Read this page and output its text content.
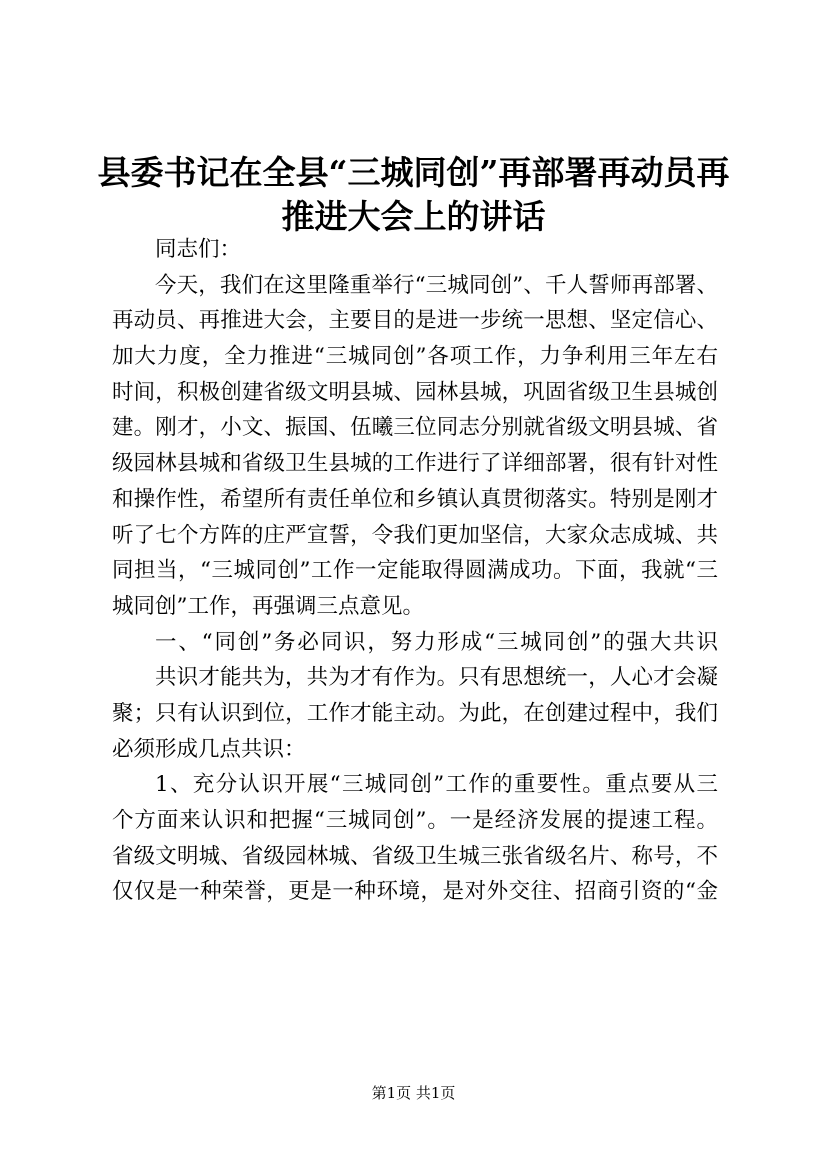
县委书记在全县“三城同创”再部署再动员再
推进大会上的讲话
同志们：
今天，我们在这里隆重举行“三城同创”、千人誓师再部署、
再动员、再推进大会，主要目的是进一步统一思想、坚定信心、
加大力度，全力推进“三城同创”各项工作，力争利用三年左右
时间，积极创建省级文明县城、园林县城，巩固省级卫生县城创
建。刚才，小文、振国、伍曦三位同志分别就省级文明县城、省
级园林县城和省级卫生县城的工作进行了详细部署，很有针对性
和操作性，希望所有责任单位和乡镇认真贯彻落实。特别是刚才
听了七个方阵的庄严宣誓，令我们更加坚信，大家众志成城、共
同担当，“三城同创”工作一定能取得圆满成功。下面，我就“三
城同创”工作，再强调三点意见。
一、“同创”务必同识，努力形成“三城同创”的强大共识
共识才能共为，共为才有作为。只有思想统一，人心才会凝
聚；只有认识到位，工作才能主动。为此，在创建过程中，我们
必须形成几点共识：
1、充分认识开展“三城同创”工作的重要性。重点要从三
个方面来认识和把握“三城同创”。一是经济发展的提速工程。
省级文明城、省级园林城、省级卫生城三张省级名片、称号，不
仅仅是一种荣誉，更是一种环境，是对外交往、招商引资的“金
第1页 共1页
